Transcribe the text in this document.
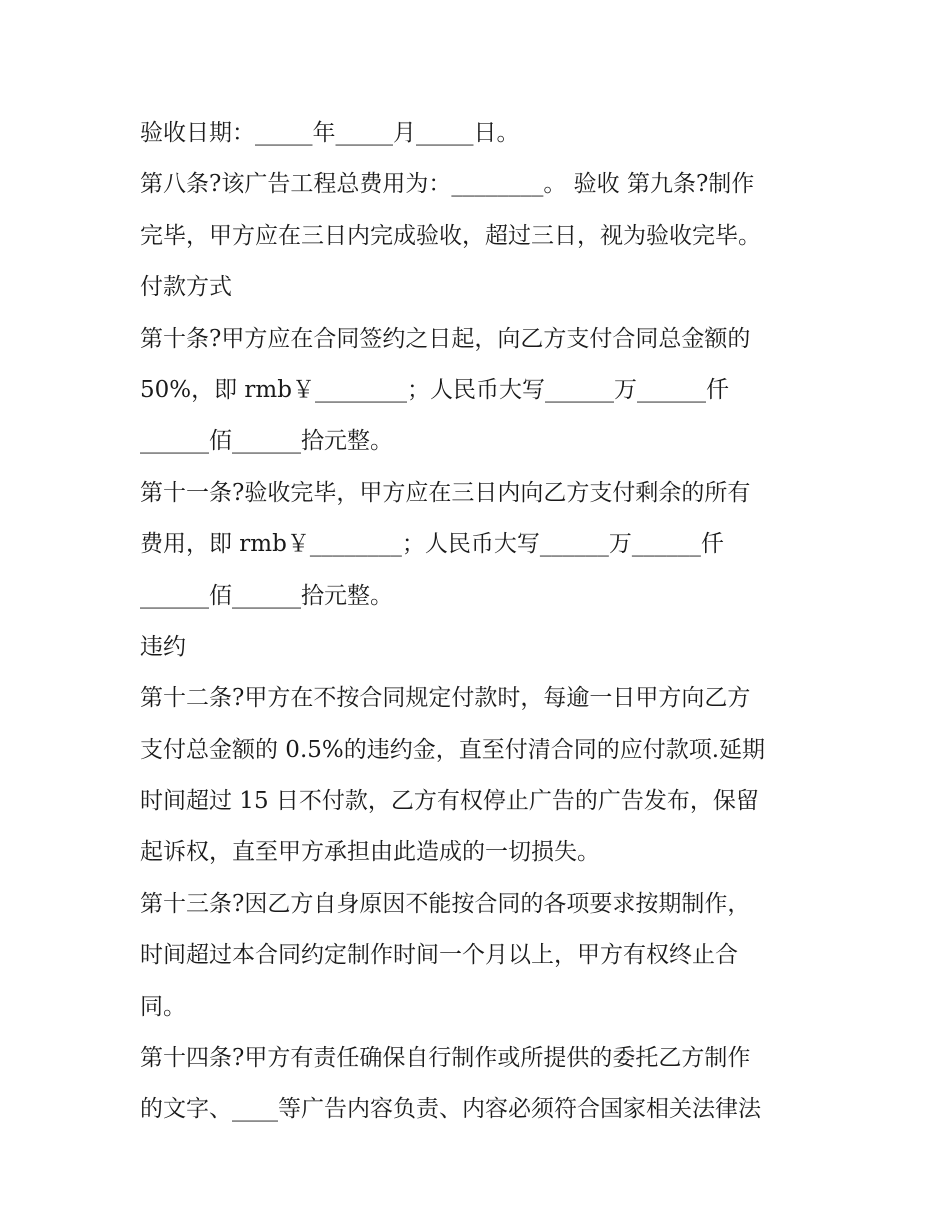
验收日期：_____年_____月_____日。
第八条?该广告工程总费用为：________。 验收 第九条?制作
完毕，甲方应在三日内完成验收，超过三日，视为验收完毕。
付款方式
第十条?甲方应在合同签约之日起，向乙方支付合同总金额的
50%，即 rmb￥________；人民币大写______万______仟
______佰______拾元整。
第十一条?验收完毕，甲方应在三日内向乙方支付剩余的所有
费用，即 rmb￥________；人民币大写______万______仟
______佰______拾元整。
违约
第十二条?甲方在不按合同规定付款时，每逾一日甲方向乙方
支付总金额的 0.5%的违约金，直至付清合同的应付款项.延期
时间超过 15 日不付款，乙方有权停止广告的广告发布，保留
起诉权，直至甲方承担由此造成的一切损失。
第十三条?因乙方自身原因不能按合同的各项要求按期制作，
时间超过本合同约定制作时间一个月以上，甲方有权终止合
同。
第十四条?甲方有责任确保自行制作或所提供的委托乙方制作
的文字、____等广告内容负责、内容必须符合国家相关法律法
